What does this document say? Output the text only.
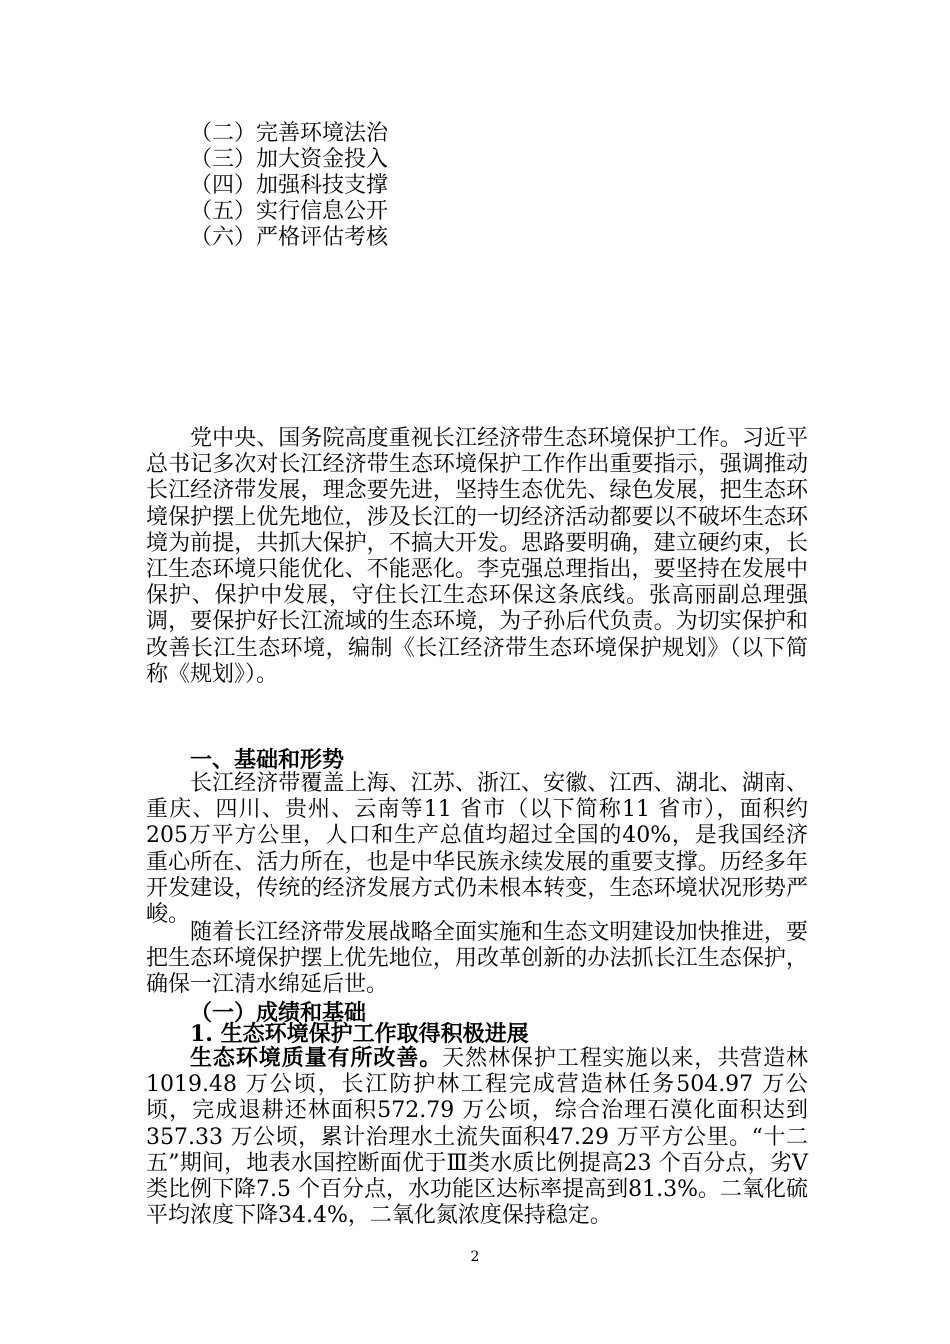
（二）完善环境法治
（三）加大资金投入
（四）加强科技支撑
（五）实行信息公开
（六）严格评估考核

党中央、国务院高度重视长江经济带生态环境保护工作。习近平总书记多次对长江经济带生态环境保护工作作出重要指示，强调推动长江经济带发展，理念要先进，坚持生态优先、绿色发展，把生态环境保护摆上优先地位，涉及长江的一切经济活动都要以不破坏生态环境为前提，共抓大保护，不搞大开发。思路要明确，建立硬约束，长江生态环境只能优化、不能恶化。李克强总理指出，要坚持在发展中保护、保护中发展，守住长江生态环保这条底线。张高丽副总理强调，要保护好长江流域的生态环境，为子孙后代负责。为切实保护和改善长江生态环境，编制《长江经济带生态环境保护规划》（以下简称《规划》）。

一、基础和形势

长江经济带覆盖上海、江苏、浙江、安徽、江西、湖北、湖南、重庆、四川、贵州、云南等11 省市（以下简称11 省市），面积约205万平方公里，人口和生产总值均超过全国的40%，是我国经济重心所在、活力所在，也是中华民族永续发展的重要支撑。历经多年开发建设，传统的经济发展方式仍未根本转变，生态环境状况形势严峻。

随着长江经济带发展战略全面实施和生态文明建设加快推进，要把生态环境保护摆上优先地位，用改革创新的办法抓长江生态保护，确保一江清水绵延后世。

（一）成绩和基础
1. 生态环境保护工作取得积极进展

生态环境质量有所改善。天然林保护工程实施以来，共营造林1019.48 万公顷，长江防护林工程完成营造林任务504.97 万公顷，完成退耕还林面积572.79 万公顷，综合治理石漠化面积达到357.33 万公顷，累计治理水土流失面积47.29 万平方公里。“十二五”期间，地表水国控断面优于Ⅲ类水质比例提高23 个百分点，劣Ⅴ类比例下降7.5 个百分点，水功能区达标率提高到81.3%。二氧化硫平均浓度下降34.4%，二氧化氮浓度保持稳定。

2
